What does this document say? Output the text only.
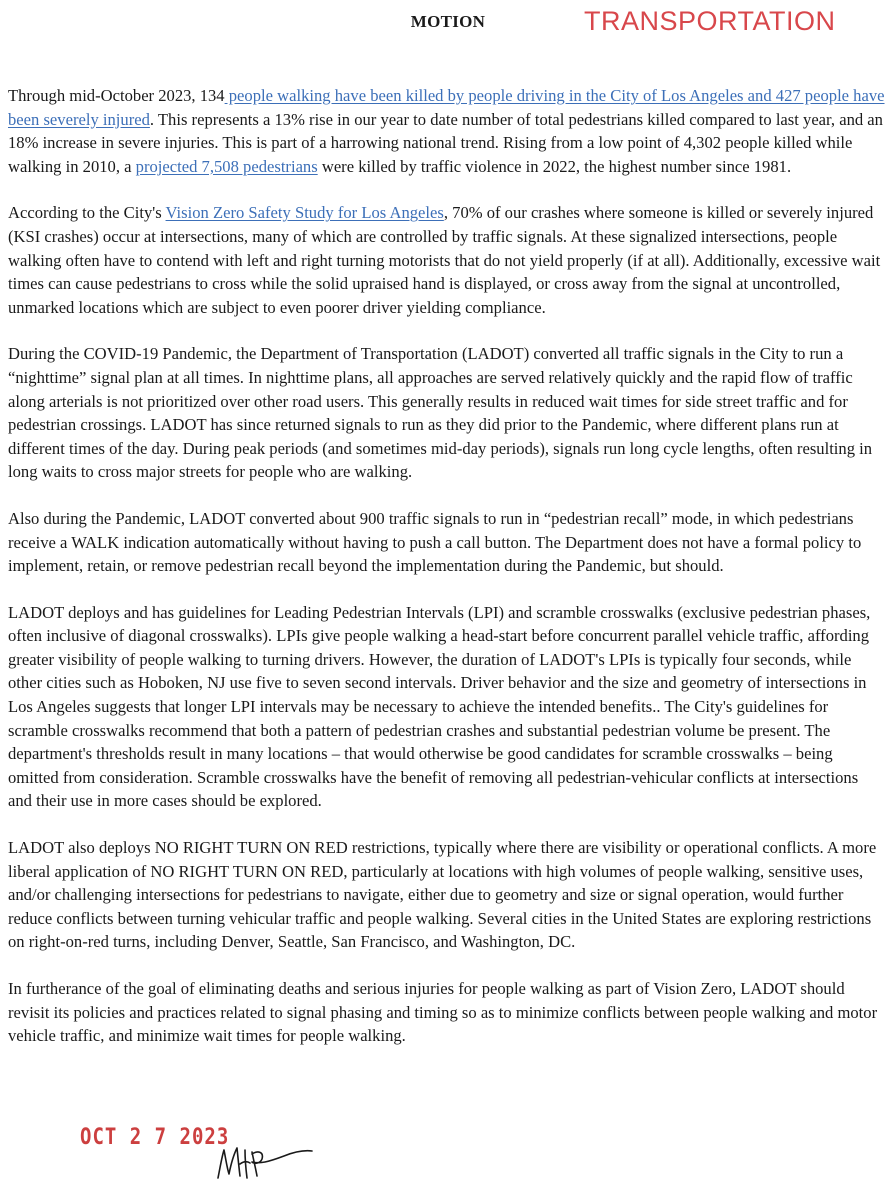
MOTION	TRANSPORTATION

Through mid-October 2023, 134 people walking have been killed by people driving in the City of Los Angeles and 427 people have been severely injured. This represents a 13% rise in our year to date number of total pedestrians killed compared to last year, and an 18% increase in severe injuries. This is part of a harrowing national trend. Rising from a low point of 4,302 people killed while walking in 2010, a projected 7,508 pedestrians were killed by traffic violence in 2022, the highest number since 1981.

According to the City's Vision Zero Safety Study for Los Angeles, 70% of our crashes where someone is killed or severely injured (KSI crashes) occur at intersections, many of which are controlled by traffic signals. At these signalized intersections, people walking often have to contend with left and right turning motorists that do not yield properly (if at all). Additionally, excessive wait times can cause pedestrians to cross while the solid upraised hand is displayed, or cross away from the signal at uncontrolled, unmarked locations which are subject to even poorer driver yielding compliance.

During the COVID-19 Pandemic, the Department of Transportation (LADOT) converted all traffic signals in the City to run a “nighttime” signal plan at all times. In nighttime plans, all approaches are served relatively quickly and the rapid flow of traffic along arterials is not prioritized over other road users. This generally results in reduced wait times for side street traffic and for pedestrian crossings. LADOT has since returned signals to run as they did prior to the Pandemic, where different plans run at different times of the day. During peak periods (and sometimes mid-day periods), signals run long cycle lengths, often resulting in long waits to cross major streets for people who are walking.

Also during the Pandemic, LADOT converted about 900 traffic signals to run in “pedestrian recall” mode, in which pedestrians receive a WALK indication automatically without having to push a call button. The Department does not have a formal policy to implement, retain, or remove pedestrian recall beyond the implementation during the Pandemic, but should.

LADOT deploys and has guidelines for Leading Pedestrian Intervals (LPI) and scramble crosswalks (exclusive pedestrian phases, often inclusive of diagonal crosswalks). LPIs give people walking a head-start before concurrent parallel vehicle traffic, affording greater visibility of people walking to turning drivers. However, the duration of LADOT's LPIs is typically four seconds, while other cities such as Hoboken, NJ use five to seven second intervals. Driver behavior and the size and geometry of intersections in Los Angeles suggests that longer LPI intervals may be necessary to achieve the intended benefits.. The City's guidelines for scramble crosswalks recommend that both a pattern of pedestrian crashes and substantial pedestrian volume be present. The department's thresholds result in many locations – that would otherwise be good candidates for scramble crosswalks – being omitted from consideration. Scramble crosswalks have the benefit of removing all pedestrian-vehicular conflicts at intersections and their use in more cases should be explored.

LADOT also deploys NO RIGHT TURN ON RED restrictions, typically where there are visibility or operational conflicts. A more liberal application of NO RIGHT TURN ON RED, particularly at locations with high volumes of people walking, sensitive uses, and/or challenging intersections for pedestrians to navigate, either due to geometry and size or signal operation, would further reduce conflicts between turning vehicular traffic and people walking. Several cities in the United States are exploring restrictions on right-on-red turns, including Denver, Seattle, San Francisco, and Washington, DC.

In furtherance of the goal of eliminating deaths and serious injuries for people walking as part of Vision Zero, LADOT should revisit its policies and practices related to signal phasing and timing so as to minimize conflicts between people walking and motor vehicle traffic, and minimize wait times for people walking.

OCT 2 7 2023
